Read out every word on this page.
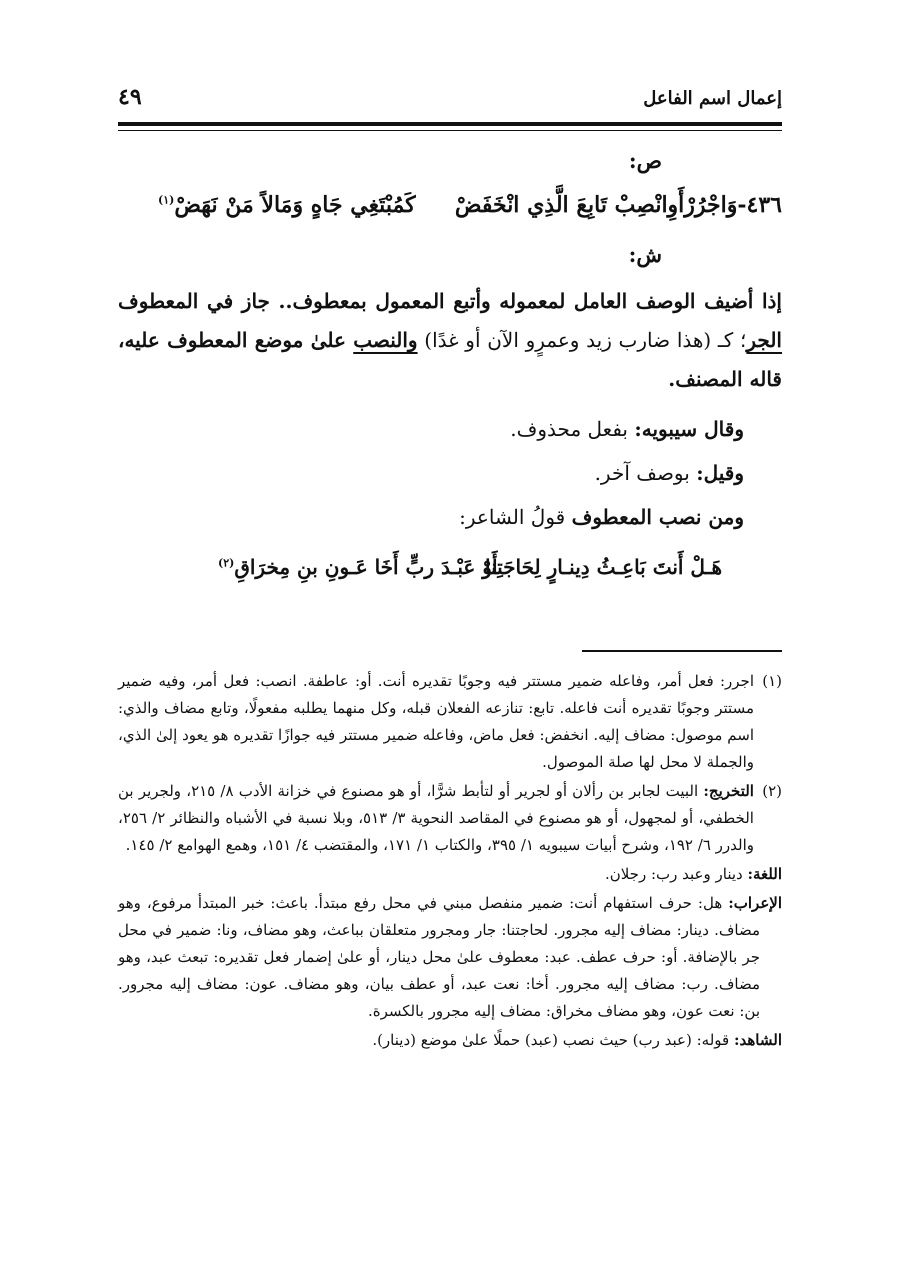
إعمال اسم الفاعل
٤٩

ص:

٤٣٦-وَاجْرُرْأَوِانْصِبْ تَابِعَ الَّذِي انْخَفَضْ
كَمُبْتَغِي جَاهٍ وَمَالاً مَنْ نَهَضْ$^{(١)}$

ش:

إذا أضيف الوصف العامل لمعموله وأتبع المعمول بمعطوف.. جاز في المعطوف الجر؛ كـ (هذا ضارب زيد وعمرٍو الآن أو غدًا) والنصب علىٰ موضع المعطوف عليه، قاله المصنف.

وقال سيبويه: بفعل محذوف.

وقيل: بوصف آخر.

ومن نصب المعطوف قولُ الشاعر:

هَـلْ أَنتَ بَاعِـثُ دِينـارٍ لِحَاجَتِنا
أَوْ عَبْـدَ ربٍّ أَخَا عَـونِ بنِ مِخرَاقِ$^{(٢)}$

(١)اجرر: فعل أمر، وفاعله ضمير مستتر فيه وجوبًا تقديره أنت. أو: عاطفة. انصب: فعل أمر، وفيه ضمير مستتر وجوبًا تقديره أنت فاعله. تابع: تنازعه الفعلان قبله، وكل منهما يطلبه مفعولًا، وتابع مضاف والذي: اسم موصول: مضاف إليه. انخفض: فعل ماض، وفاعله ضمير مستتر فيه جوازًا تقديره هو يعود إلىٰ الذي، والجملة لا محل لها صلة الموصول.

(٢)التخريج: البيت لجابر بن رألان أو لجرير أو لتأبط شرًّا، أو هو مصنوع في خزانة الأدب ٨/ ٢١٥، ولجرير بن الخطفي، أو لمجهول، أو هو مصنوع في المقاصد النحوية ٣/ ٥١٣، وبلا نسبة في الأشباه والنظائر ٢/ ٢٥٦، والدرر ٦/ ١٩٢، وشرح أبيات سيبويه ١/ ٣٩٥، والكتاب ١/ ١٧١، والمقتضب ٤/ ١٥١، وهمع الهوامع ٢/ ١٤٥.

اللغة: دينار وعبد رب: رجلان.

الإعراب: هل: حرف استفهام أنت: ضمير منفصل مبني في محل رفع مبتدأ. باعث: خبر المبتدأ مرفوع، وهو مضاف. دينار: مضاف إليه مجرور. لحاجتنا: جار ومجرور متعلقان بباعث، وهو مضاف، ونا: ضمير في محل جر بالإضافة. أو: حرف عطف. عبد: معطوف علىٰ محل دينار، أو علىٰ إضمار فعل تقديره: تبعث عبد، وهو مضاف. رب: مضاف إليه مجرور. أخا: نعت عبد، أو عطف بيان، وهو مضاف. عون: مضاف إليه مجرور. بن: نعت عون، وهو مضاف مخراق: مضاف إليه مجرور بالكسرة.

الشاهد: قوله: (عبد رب) حيث نصب (عبد) حملًا علىٰ موضع (دينار).
